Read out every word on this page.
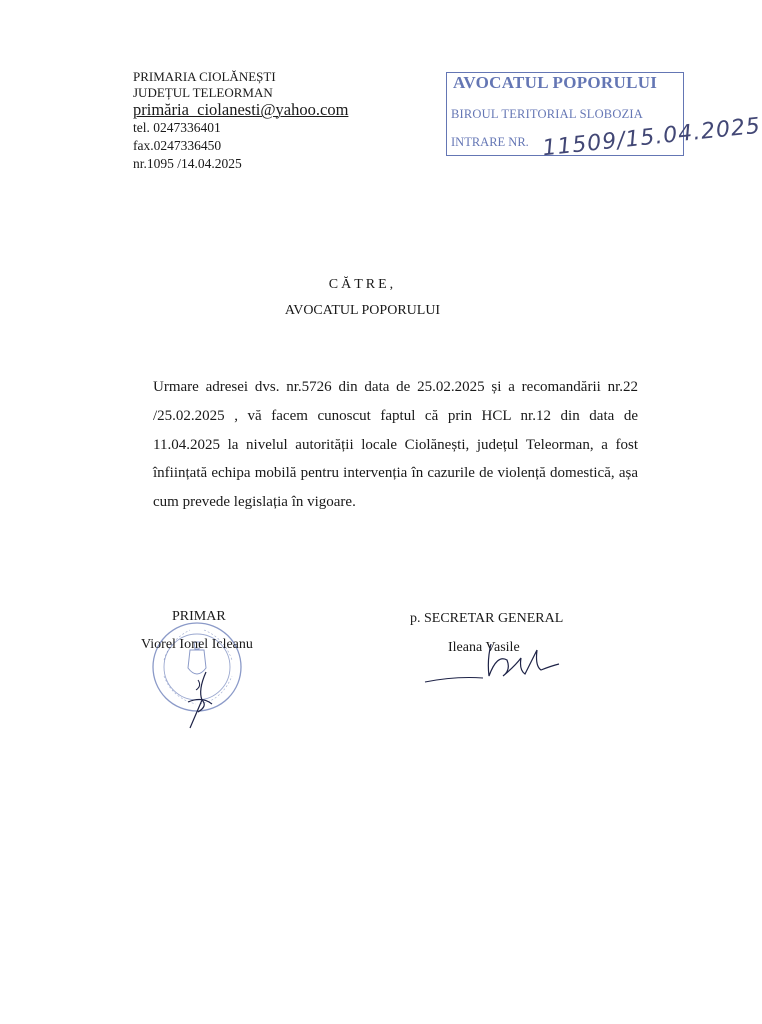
PRIMARIA CIOLĂNEȘTI
JUDEȚUL TELEORMAN
primăria_ciolanesti@yahoo.com
tel. 0247336401
fax.0247336450
nr.1095 /14.04.2025
AVOCATUL POPORULUI
BIROUL TERITORIAL SLOBOZIA
INTRARE NR. 11509/15.04.2025
CĂTRE,
AVOCATUL POPORULUI

Urmare adresei dvs. nr.5726 din data de 25.02.2025 și a recomandării nr.22 /25.02.2025 , vă facem cunoscut faptul că prin HCL nr.12 din data de 11.04.2025 la nivelul autorității locale Ciolănești, județul Teleorman, a fost înființată echipa mobilă pentru intervenția în cazurile de violență domestică, așa cum prevede legislația în vigoare.

PRIMAR
Viorel Ionel Icleanu
p. SECRETAR GENERAL
Ileana Vasile
